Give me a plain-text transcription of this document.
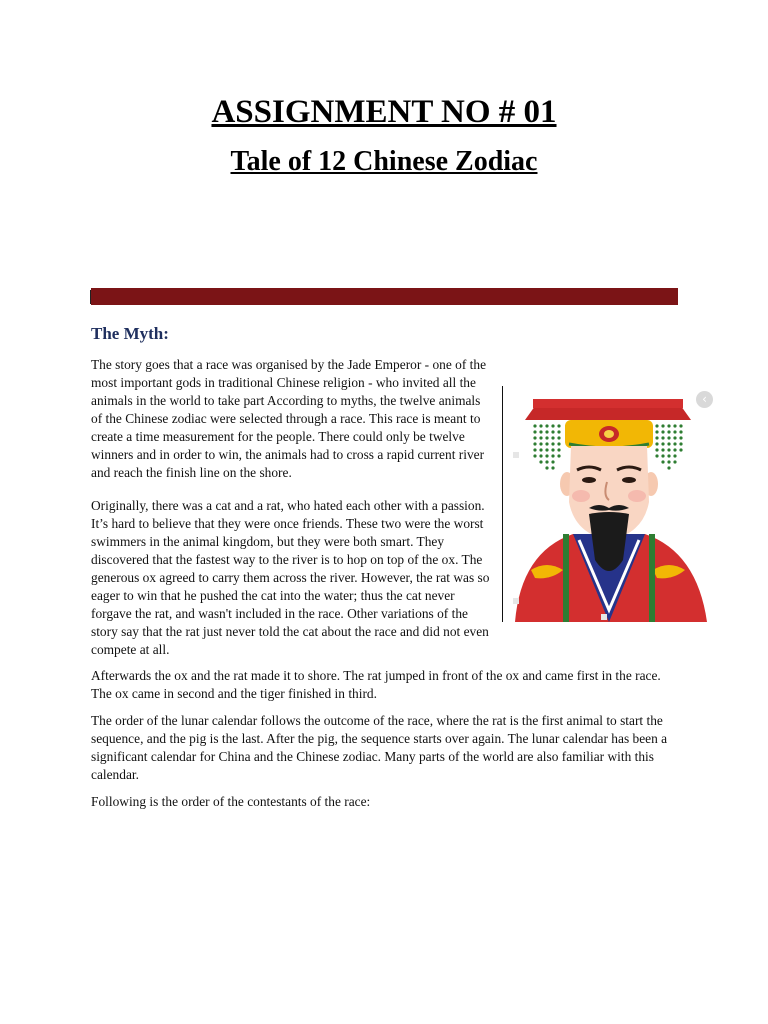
ASSIGNMENT NO # 01
Tale of 12 Chinese Zodiac
The Myth:

The story goes that a race was organised by the Jade Emperor - one of the most important gods in traditional Chinese religion - who invited all the animals in the world to take part According to myths, the twelve animals of the Chinese zodiac were selected through a race. This race is meant to create a time measurement for the people. There could only be twelve winners and in order to win, the animals had to cross a rapid current river and reach the finish line on the shore.

Originally, there was a cat and a rat, who hated each other with a passion. It’s hard to believe that they were once friends. These two were the worst swimmers in the animal kingdom, but they were both smart. They discovered that the fastest way to the river is to hop on top of the ox. The generous ox agreed to carry them across the river. However, the rat was so eager to win that he pushed the cat into the water; thus the cat never forgave the rat, and wasn't included in the race. Other variations of the story say that the rat just never told the cat about the race and did not even compete at all.

Afterwards the ox and the rat made it to shore. The rat jumped in front of the ox and came first in the race. The ox came in second and the tiger finished in third.

The order of the lunar calendar follows the outcome of the race, where the rat is the first animal to start the sequence, and the pig is the last. After the pig, the sequence starts over again. The lunar calendar has been a significant calendar for China and the Chinese zodiac. Many parts of the world are also familiar with this calendar.

Following is the order of the contestants of the race:

‹
